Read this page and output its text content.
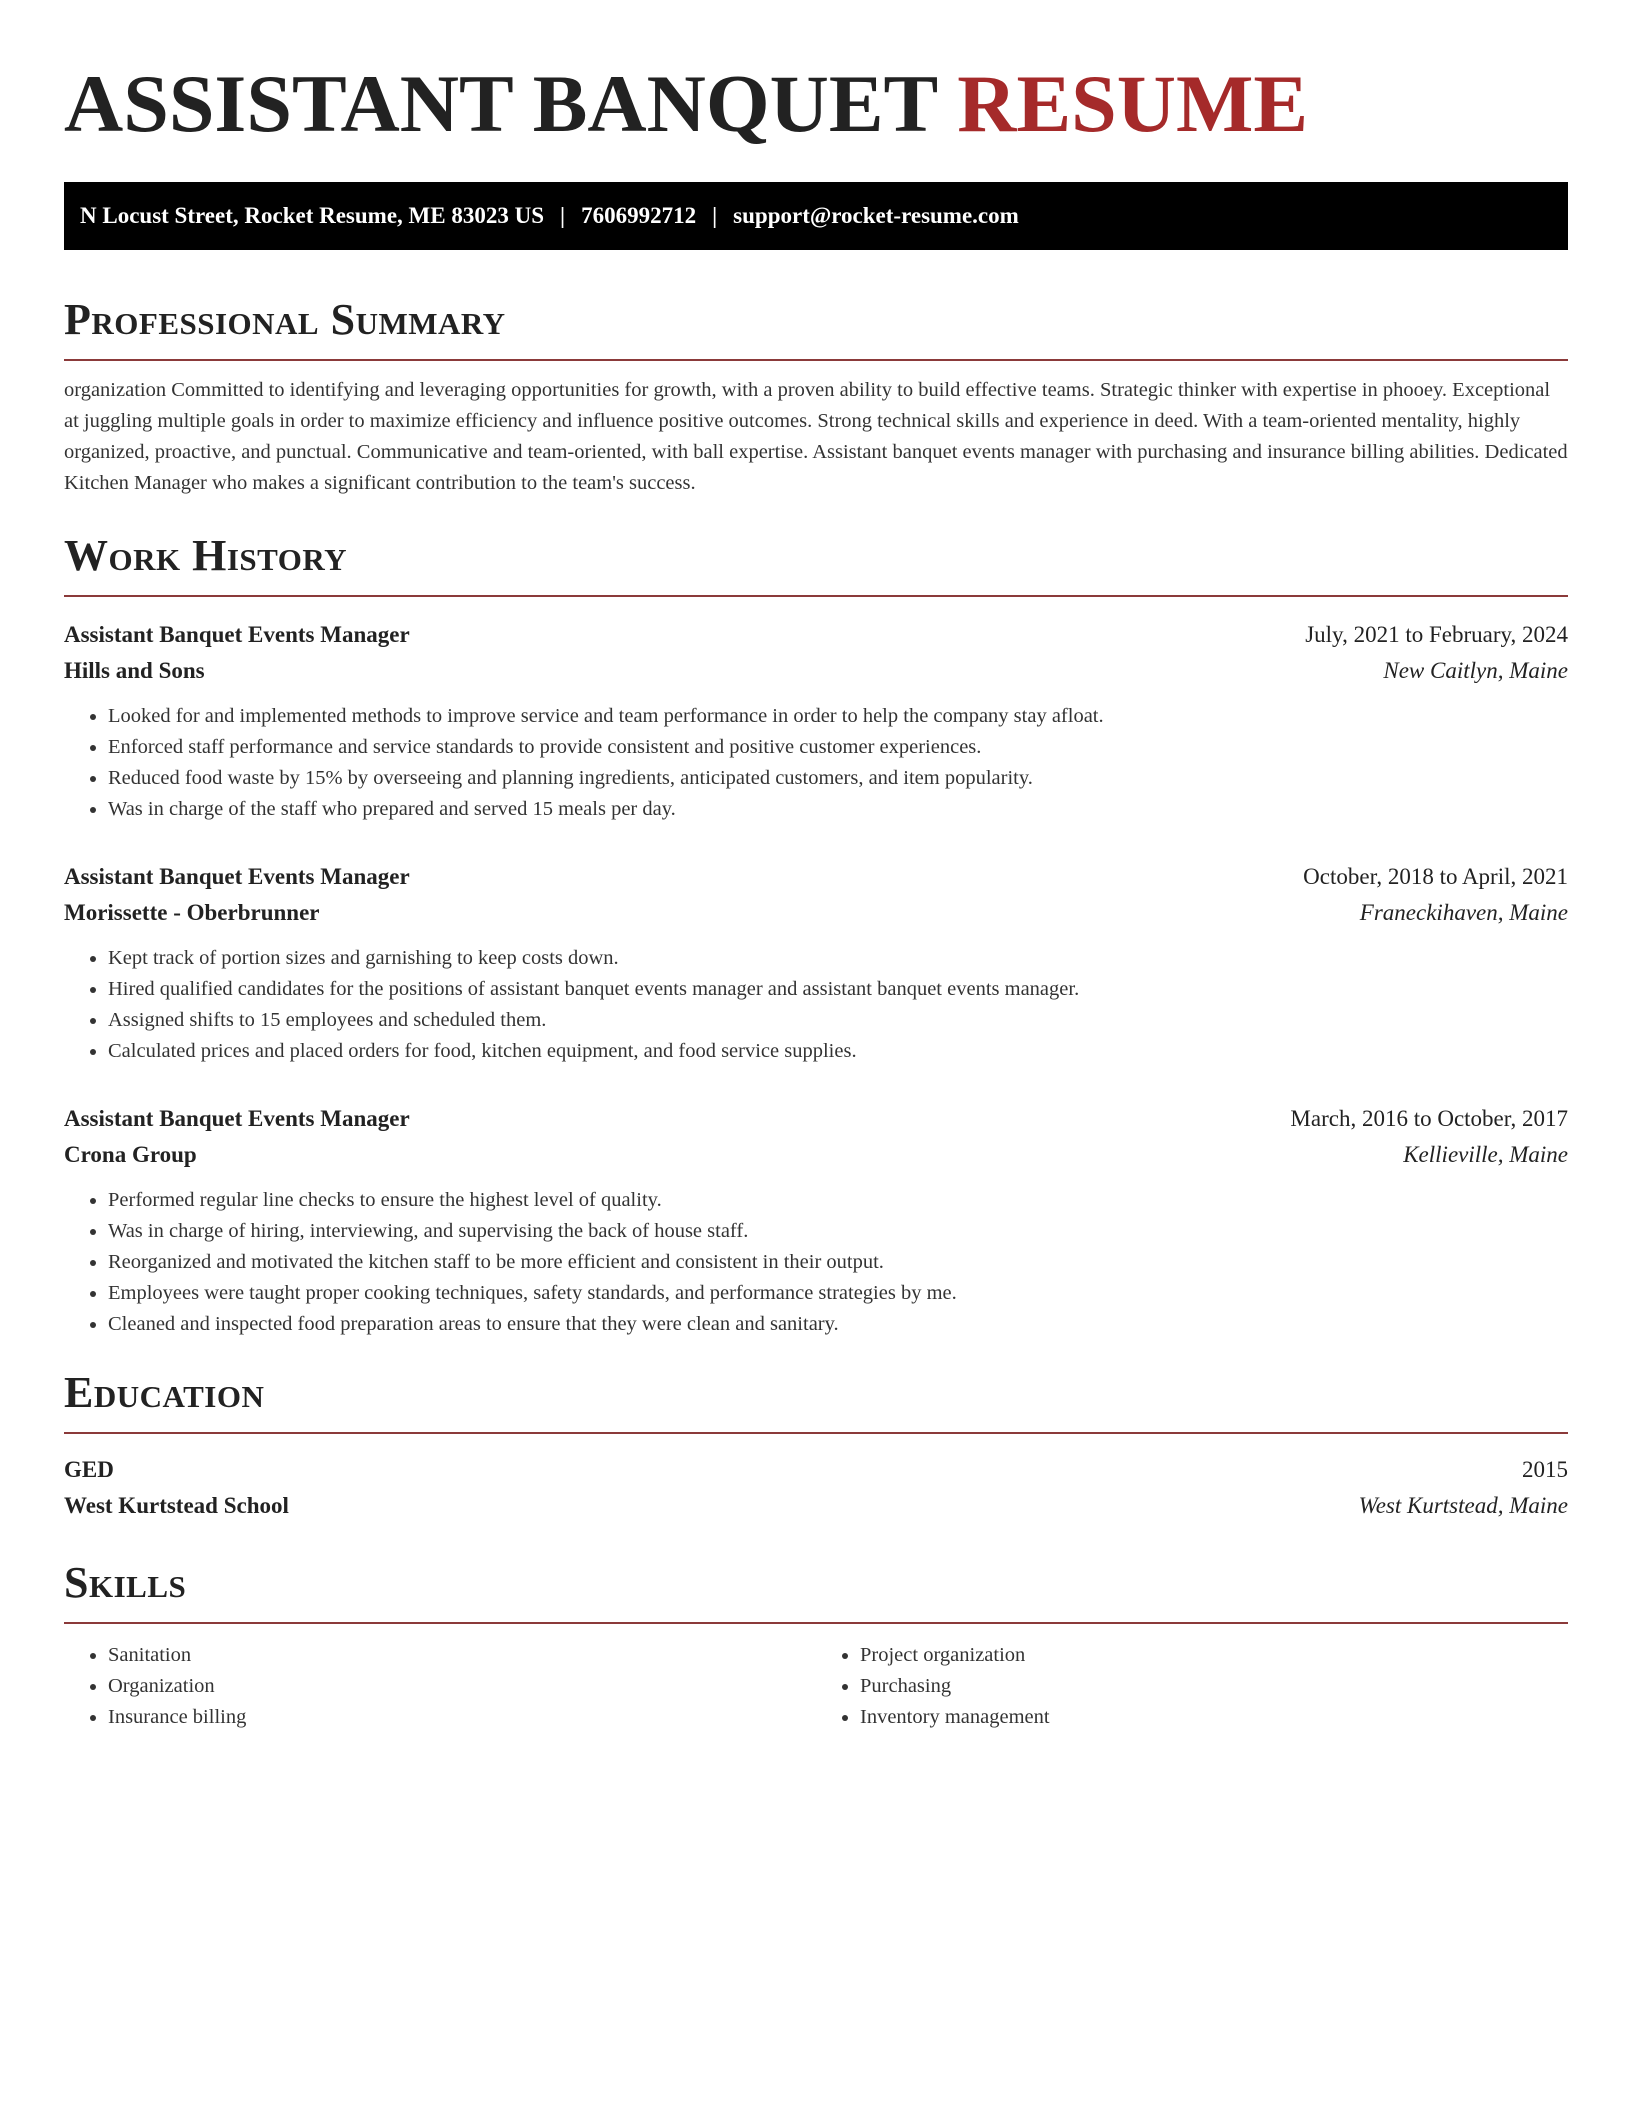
ASSISTANT BANQUET RESUME
N Locust Street, Rocket Resume, ME 83023 US | 7606992712 | support@rocket-resume.com
Professional Summary

organization Committed to identifying and leveraging opportunities for growth, with a proven ability to build effective teams. Strategic thinker with expertise in phooey. Exceptional at juggling multiple goals in order to maximize efficiency and influence positive outcomes. Strong technical skills and experience in deed. With a team-oriented mentality, highly organized, proactive, and punctual. Communicative and team-oriented, with ball expertise. Assistant banquet events manager with purchasing and insurance billing abilities. Dedicated Kitchen Manager who makes a significant contribution to the team's success.

Work History
Assistant Banquet Events Manager	July, 2021 to February, 2024
Hills and Sons	New Caitlyn, Maine
• Looked for and implemented methods to improve service and team performance in order to help the company stay afloat.
• Enforced staff performance and service standards to provide consistent and positive customer experiences.
• Reduced food waste by 15% by overseeing and planning ingredients, anticipated customers, and item popularity.
• Was in charge of the staff who prepared and served 15 meals per day.
Assistant Banquet Events Manager	October, 2018 to April, 2021
Morissette - Oberbrunner	Franeckihaven, Maine
• Kept track of portion sizes and garnishing to keep costs down.
• Hired qualified candidates for the positions of assistant banquet events manager and assistant banquet events manager.
• Assigned shifts to 15 employees and scheduled them.
• Calculated prices and placed orders for food, kitchen equipment, and food service supplies.
Assistant Banquet Events Manager	March, 2016 to October, 2017
Crona Group	Kellieville, Maine
• Performed regular line checks to ensure the highest level of quality.
• Was in charge of hiring, interviewing, and supervising the back of house staff.
• Reorganized and motivated the kitchen staff to be more efficient and consistent in their output.
• Employees were taught proper cooking techniques, safety standards, and performance strategies by me.
• Cleaned and inspected food preparation areas to ensure that they were clean and sanitary.
Education
GED	2015
West Kurtstead School	West Kurtstead, Maine
Skills
• Sanitation
• Organization
• Insurance billing
• Project organization
• Purchasing
• Inventory management
